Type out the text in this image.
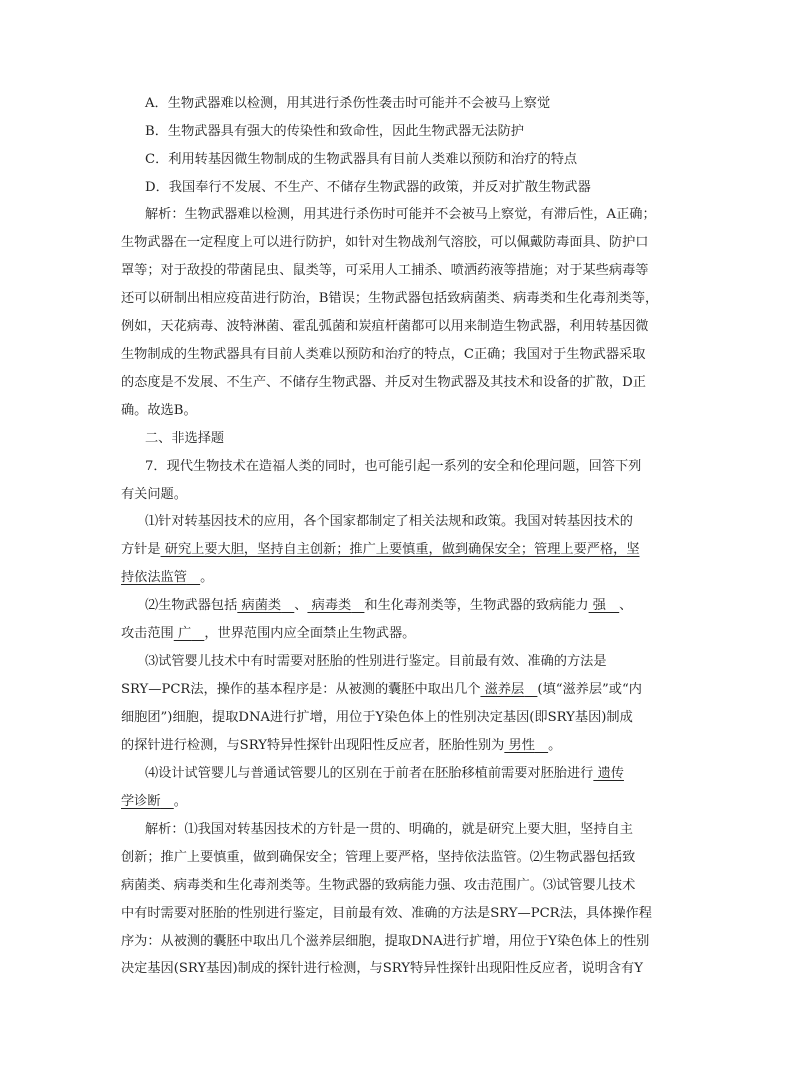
A．生物武器难以检测，用其进行杀伤性袭击时可能并不会被马上察觉
B．生物武器具有强大的传染性和致命性，因此生物武器无法防护
C．利用转基因微生物制成的生物武器具有目前人类难以预防和治疗的特点
D．我国奉行不发展、不生产、不储存生物武器的政策，并反对扩散生物武器
解析：生物武器难以检测，用其进行杀伤时可能并不会被马上察觉，有滞后性，A正确；
生物武器在一定程度上可以进行防护，如针对生物战剂气溶胶，可以佩戴防毒面具、防护口
罩等；对于敌投的带菌昆虫、鼠类等，可采用人工捕杀、喷洒药液等措施；对于某些病毒等
还可以研制出相应疫苗进行防治，B错误；生物武器包括致病菌类、病毒类和生化毒剂类等，
例如，天花病毒、波特淋菌、霍乱弧菌和炭疽杆菌都可以用来制造生物武器，利用转基因微
生物制成的生物武器具有目前人类难以预防和治疗的特点，C正确；我国对于生物武器采取
的态度是不发展、不生产、不储存生物武器、并反对生物武器及其技术和设备的扩散，D正
确。故选B。
二、非选择题
7．现代生物技术在造福人类的同时，也可能引起一系列的安全和伦理问题，回答下列
有关问题。
⑴针对转基因技术的应用，各个国家都制定了相关法规和政策。我国对转基因技术的
方针是 研究上要大胆，坚持自主创新；推广上要慎重，做到确保安全；管理上要严格，坚
持依法监管  。
⑵生物武器包括 病菌类  、 病毒类  和生化毒剂类等，生物武器的致病能力 强  、
攻击范围 广  ，世界范围内应全面禁止生物武器。
⑶试管婴儿技术中有时需要对胚胎的性别进行鉴定。目前最有效、准确的方法是
SRY—PCR法，操作的基本程序是：从被测的囊胚中取出几个 滋养层  (填“滋养层”或“内
细胞团”)细胞，提取DNA进行扩增，用位于Y染色体上的性别决定基因(即SRY基因)制成
的探针进行检测，与SRY特异性探针出现阳性反应者，胚胎性别为 男性  。
⑷设计试管婴儿与普通试管婴儿的区别在于前者在胚胎移植前需要对胚胎进行 遗传
学诊断  。
解析：⑴我国对转基因技术的方针是一贯的、明确的，就是研究上要大胆，坚持自主
创新；推广上要慎重，做到确保安全；管理上要严格，坚持依法监管。⑵生物武器包括致
病菌类、病毒类和生化毒剂类等。生物武器的致病能力强、攻击范围广。⑶试管婴儿技术
中有时需要对胚胎的性别进行鉴定，目前最有效、准确的方法是SRY—PCR法，具体操作程
序为：从被测的囊胚中取出几个滋养层细胞，提取DNA进行扩增，用位于Y染色体上的性别
决定基因(SRY基因)制成的探针进行检测，与SRY特异性探针出现阳性反应者，说明含有Y
